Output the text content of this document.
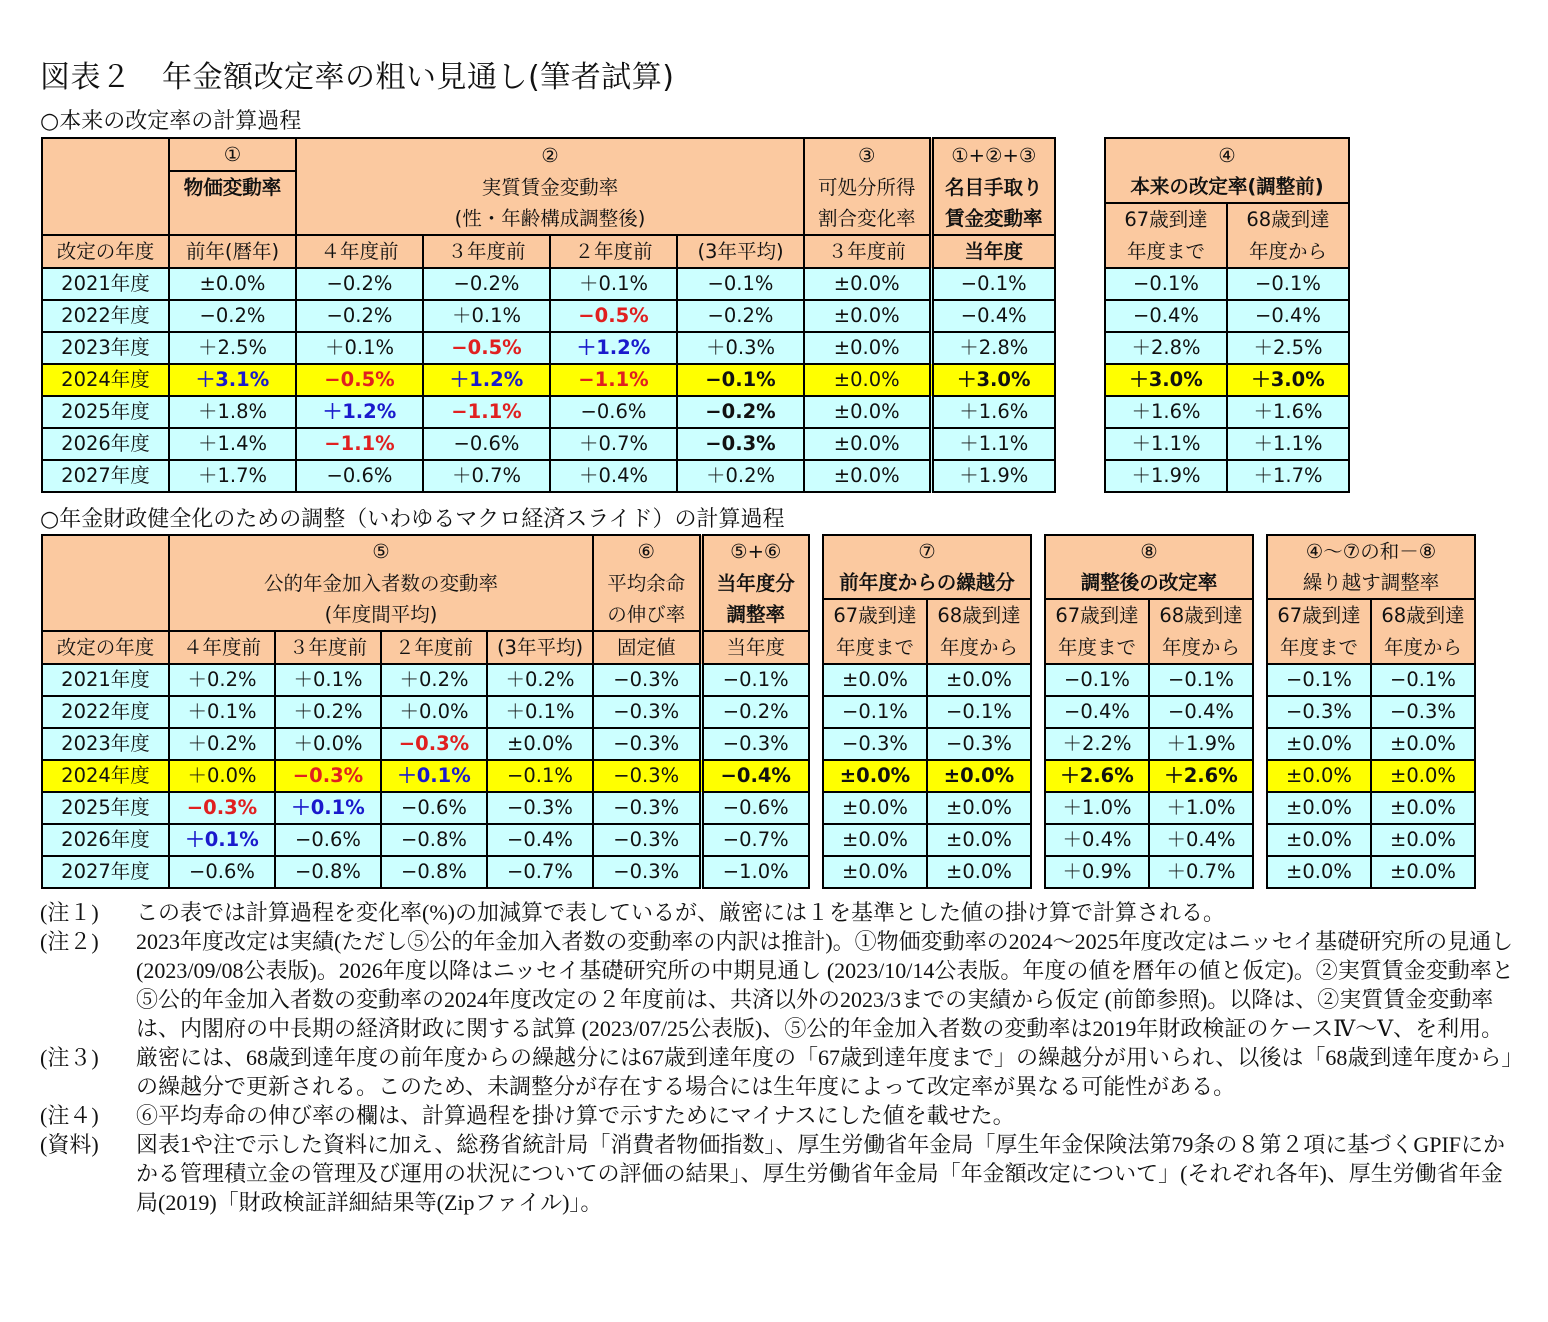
図表２　年金額改定率の粗い見通し(筆者試算)
○本来の改定率の計算過程
	①	②				③	①+②+③		④	
	物価変動率	実質賃金変動率				可処分所得	名目手取り		本来の改定率(調整前)	
		(性・年齢構成調整後)				割合変化率	賃金変動率		67歳到達	68歳到達
改定の年度	前年(暦年)	４年度前	３年度前	２年度前	(3年平均)	３年度前	当年度		年度まで	年度から
2021年度	±0.0%	−0.2%	−0.2%	＋0.1%	−0.1%	±0.0%	−0.1%		−0.1%	−0.1%
2022年度	−0.2%	−0.2%	＋0.1%	−0.5%	−0.2%	±0.0%	−0.4%		−0.4%	−0.4%
2023年度	＋2.5%	＋0.1%	−0.5%	＋1.2%	＋0.3%	±0.0%	＋2.8%		＋2.8%	＋2.5%
2024年度	＋3.1%	−0.5%	＋1.2%	−1.1%	−0.1%	±0.0%	＋3.0%		＋3.0%	＋3.0%
2025年度	＋1.8%	＋1.2%	−1.1%	−0.6%	−0.2%	±0.0%	＋1.6%		＋1.6%	＋1.6%
2026年度	＋1.4%	−1.1%	−0.6%	＋0.7%	−0.3%	±0.0%	＋1.1%		＋1.1%	＋1.1%
2027年度	＋1.7%	−0.6%	＋0.7%	＋0.4%	＋0.2%	±0.0%	＋1.9%		＋1.9%	＋1.7%
○年金財政健全化のための調整（いわゆるマクロ経済スライド）の計算過程
	⑤				⑥	⑤+⑥		⑦			⑧			④～⑦の和－⑧	
	公的年金加入者数の変動率				平均余命	当年度分		前年度からの繰越分			調整後の改定率			繰り越す調整率	
	(年度間平均)				の伸び率	調整率		67歳到達	68歳到達		67歳到達	68歳到達		67歳到達	68歳到達
改定の年度	４年度前	３年度前	２年度前	(3年平均)	固定値	当年度		年度まで	年度から		年度まで	年度から		年度まで	年度から
2021年度	＋0.2%	＋0.1%	＋0.2%	＋0.2%	−0.3%	−0.1%		±0.0%	±0.0%		−0.1%	−0.1%		−0.1%	−0.1%
2022年度	＋0.1%	＋0.2%	＋0.0%	＋0.1%	−0.3%	−0.2%		−0.1%	−0.1%		−0.4%	−0.4%		−0.3%	−0.3%
2023年度	＋0.2%	＋0.0%	−0.3%	±0.0%	−0.3%	−0.3%		−0.3%	−0.3%		＋2.2%	＋1.9%		±0.0%	±0.0%
2024年度	＋0.0%	−0.3%	＋0.1%	−0.1%	−0.3%	−0.4%		±0.0%	±0.0%		＋2.6%	＋2.6%		±0.0%	±0.0%
2025年度	−0.3%	＋0.1%	−0.6%	−0.3%	−0.3%	−0.6%		±0.0%	±0.0%		＋1.0%	＋1.0%		±0.0%	±0.0%
2026年度	＋0.1%	−0.6%	−0.8%	−0.4%	−0.3%	−0.7%		±0.0%	±0.0%		＋0.4%	＋0.4%		±0.0%	±0.0%
2027年度	−0.6%	−0.8%	−0.8%	−0.7%	−0.3%	−1.0%		±0.0%	±0.0%		＋0.9%	＋0.7%		±0.0%	±0.0%
(注１)	この表では計算過程を変化率(%)の加減算で表しているが、厳密には１を基準とした値の掛け算で計算される。
(注２)	2023年度改定は実績(ただし⑤公的年金加入者数の変動率の内訳は推計)。①物価変動率の2024～2025年度改定はニッセイ基礎研究所の見通し(2023/09/08公表版)。2026年度以降はニッセイ基礎研究所の中期見通し (2023/10/14公表版。年度の値を暦年の値と仮定)。②実質賃金変動率と⑤公的年金加入者数の変動率の2024年度改定の２年度前は、共済以外の2023/3までの実績から仮定 (前節参照)。以降は、②実質賃金変動率は、内閣府の中長期の経済財政に関する試算 (2023/07/25公表版)、⑤公的年金加入者数の変動率は2019年財政検証のケースⅣ～Ⅴ、を利用。
(注３)	厳密には、68歳到達年度の前年度からの繰越分には67歳到達年度の「67歳到達年度まで」の繰越分が用いられ、以後は「68歳到達年度から」の繰越分で更新される。このため、未調整分が存在する場合には生年度によって改定率が異なる可能性がある。
(注４)	⑥平均寿命の伸び率の欄は、計算過程を掛け算で示すためにマイナスにした値を載せた。
(資料)	図表1や注で示した資料に加え、総務省統計局「消費者物価指数」、厚生労働省年金局「厚生年金保険法第79条の８第２項に基づくGPIFにかかる管理積立金の管理及び運用の状況についての評価の結果」、厚生労働省年金局「年金額改定について」(それぞれ各年)、厚生労働省年金局(2019)「財政検証詳細結果等(Zipファイル)」。
